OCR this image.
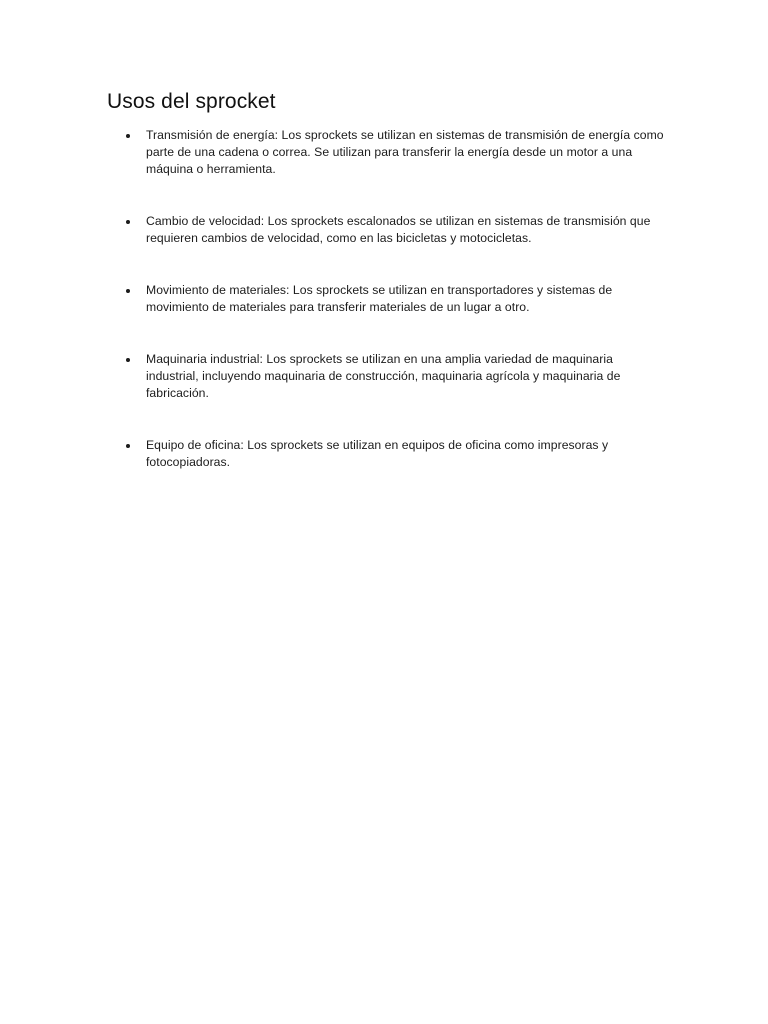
Usos del sprocket
Transmisión de energía: Los sprockets se utilizan en sistemas de transmisión de energía como parte de una cadena o correa. Se utilizan para transferir la energía desde un motor a una máquina o herramienta.
Cambio de velocidad: Los sprockets escalonados se utilizan en sistemas de transmisión que requieren cambios de velocidad, como en las bicicletas y motocicletas.
Movimiento de materiales: Los sprockets se utilizan en transportadores y sistemas de movimiento de materiales para transferir materiales de un lugar a otro.
Maquinaria industrial: Los sprockets se utilizan en una amplia variedad de maquinaria industrial, incluyendo maquinaria de construcción, maquinaria agrícola y maquinaria de fabricación.
Equipo de oficina: Los sprockets se utilizan en equipos de oficina como impresoras y fotocopiadoras.
